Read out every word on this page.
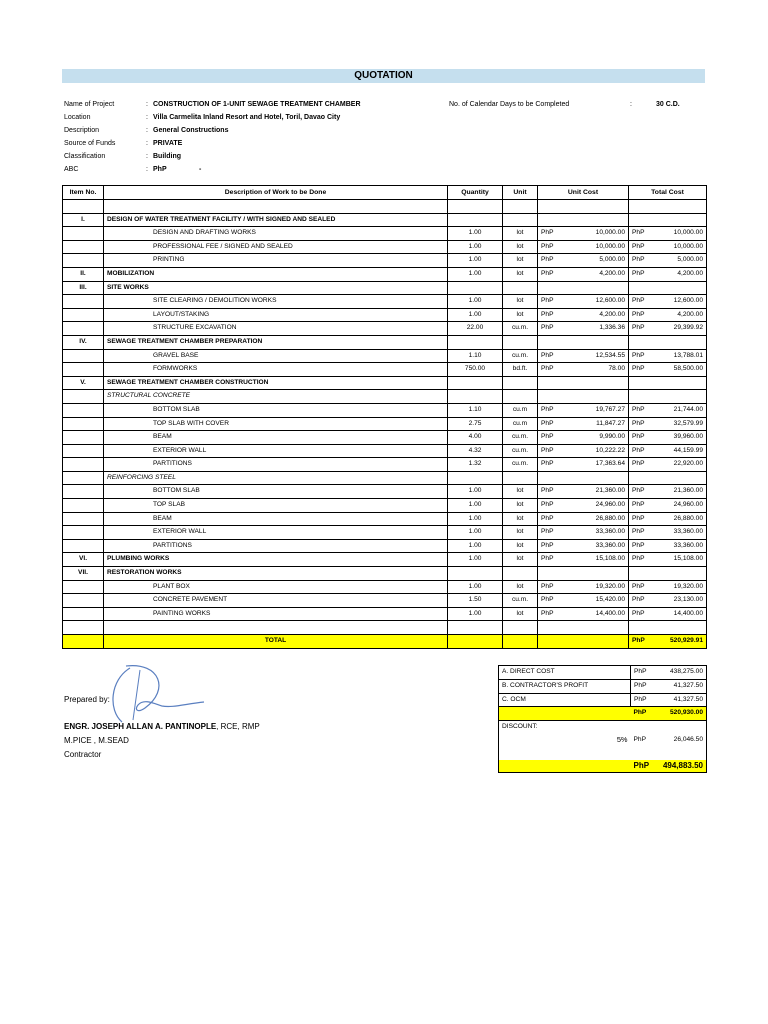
QUOTATION
Name of Project	: CONSTRUCTION OF 1-UNIT SEWAGE TREATMENT CHAMBER
Location	: Villa Carmelita Inland Resort and Hotel, Toril, Davao City
Description	: General Constructions
Source of Funds	: PRIVATE
Classification	: Building
ABC	: PhP	-
No. of Calendar Days to be Completed	:	30 C.D.
Item No.	Description of Work to be Done	Quantity	Unit	Unit Cost		Total Cost	

I.	DESIGN OF WATER TREATMENT FACILITY / WITH SIGNED AND SEALED						
	DESIGN AND DRAFTING WORKS	1.00	lot	PhP	10,000.00	PhP	10,000.00
	PROFESSIONAL FEE / SIGNED AND SEALED	1.00	lot	PhP	10,000.00	PhP	10,000.00
	PRINTING	1.00	lot	PhP	5,000.00	PhP	5,000.00
II.	MOBILIZATION	1.00	lot	PhP	4,200.00	PhP	4,200.00
III.	SITE WORKS						
	SITE CLEARING / DEMOLITION WORKS	1.00	lot	PhP	12,600.00	PhP	12,600.00
	LAYOUT/STAKING	1.00	lot	PhP	4,200.00	PhP	4,200.00
	STRUCTURE EXCAVATION	22.00	cu.m.	PhP	1,336.36	PhP	29,399.92
IV.	SEWAGE TREATMENT CHAMBER PREPARATION						
	GRAVEL BASE	1.10	cu.m.	PhP	12,534.55	PhP	13,788.01
	FORMWORKS	750.00	bd.ft.	PhP	78.00	PhP	58,500.00
V.	SEWAGE TREATMENT CHAMBER CONSTRUCTION						
	STRUCTURAL CONCRETE						
	BOTTOM SLAB	1.10	cu.m	PhP	19,767.27	PhP	21,744.00
	TOP SLAB WITH COVER	2.75	cu.m	PhP	11,847.27	PhP	32,579.99
	BEAM	4.00	cu.m.	PhP	9,990.00	PhP	39,960.00
	EXTERIOR WALL	4.32	cu.m.	PhP	10,222.22	PhP	44,159.99
	PARTITIONS	1.32	cu.m.	PhP	17,363.64	PhP	22,920.00
	REINFORCING STEEL						
	BOTTOM SLAB	1.00	lot	PhP	21,360.00	PhP	21,360.00
	TOP SLAB	1.00	lot	PhP	24,960.00	PhP	24,960.00
	BEAM	1.00	lot	PhP	26,880.00	PhP	26,880.00
	EXTERIOR WALL	1.00	lot	PhP	33,360.00	PhP	33,360.00
	PARTITIONS	1.00	lot	PhP	33,360.00	PhP	33,360.00
VI.	PLUMBING WORKS	1.00	lot	PhP	15,108.00	PhP	15,108.00
VII.	RESTORATION WORKS						
	PLANT BOX	1.00	lot	PhP	19,320.00	PhP	19,320.00
	CONCRETE PAVEMENT	1.50	cu.m.	PhP	15,420.00	PhP	23,130.00
	PAINTING WORKS	1.00	lot	PhP	14,400.00	PhP	14,400.00

	TOTAL					PhP	520,929.91
A. DIRECT COST	PhP	438,275.00
B. CONTRACTOR'S PROFIT	PhP	41,327.50
C. OCM	PhP	41,327.50
	PhP	520,930.00
DISCOUNT:		
5%	PhP	26,046.50

	PhP	494,883.50
Prepared by:
ENGR. JOSEPH ALLAN A. PANTINOPLE, RCE, RMP
M.PICE , M.SEAD
Contractor
